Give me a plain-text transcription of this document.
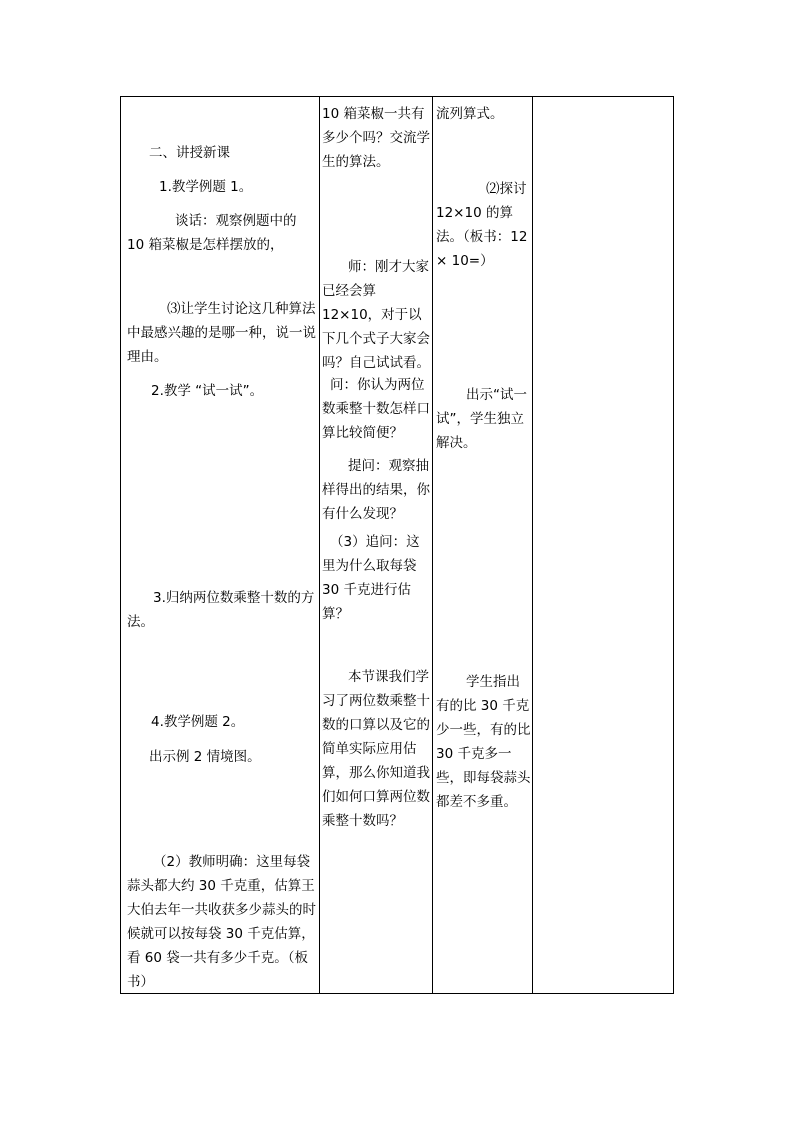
二、讲授新课

1.教学例题 1。

谈话：观察例题中的 10 箱菜椒是怎样摆放的，

⑶让学生讨论这几种算法中最感兴趣的是哪一种，说一说理由。

2.教学 “试一试”。

3.归纳两位数乘整十数的方法。

4.教学例题 2。

出示例 2 情境图。

（2）教师明确：这里每袋蒜头都大约 30 千克重，估算王大伯去年一共收获多少蒜头的时候就可以按每袋 30 千克估算，看 60 袋一共有多少千克。（板书）

10 箱菜椒一共有多少个吗？交流学生的算法。

师：刚才大家已经会算 12×10，对于以下几个式子大家会吗？自己试试看。

问：你认为两位数乘整十数怎样口算比较简便？

提问：观察抽样得出的结果，你有什么发现？

（3）追问：这里为什么取每袋 30 千克进行估算？

本节课我们学习了两位数乘整十数的口算以及它的简单实际应用估算，那么你知道我们如何口算两位数乘整十数吗？

流列算式。

⑵探讨 12×10 的算法。（板书：12 × 10=）

出示“试一试”，学生独立解决。

学生指出有的比 30 千克少一些，有的比 30 千克多一些，即每袋蒜头都差不多重。
